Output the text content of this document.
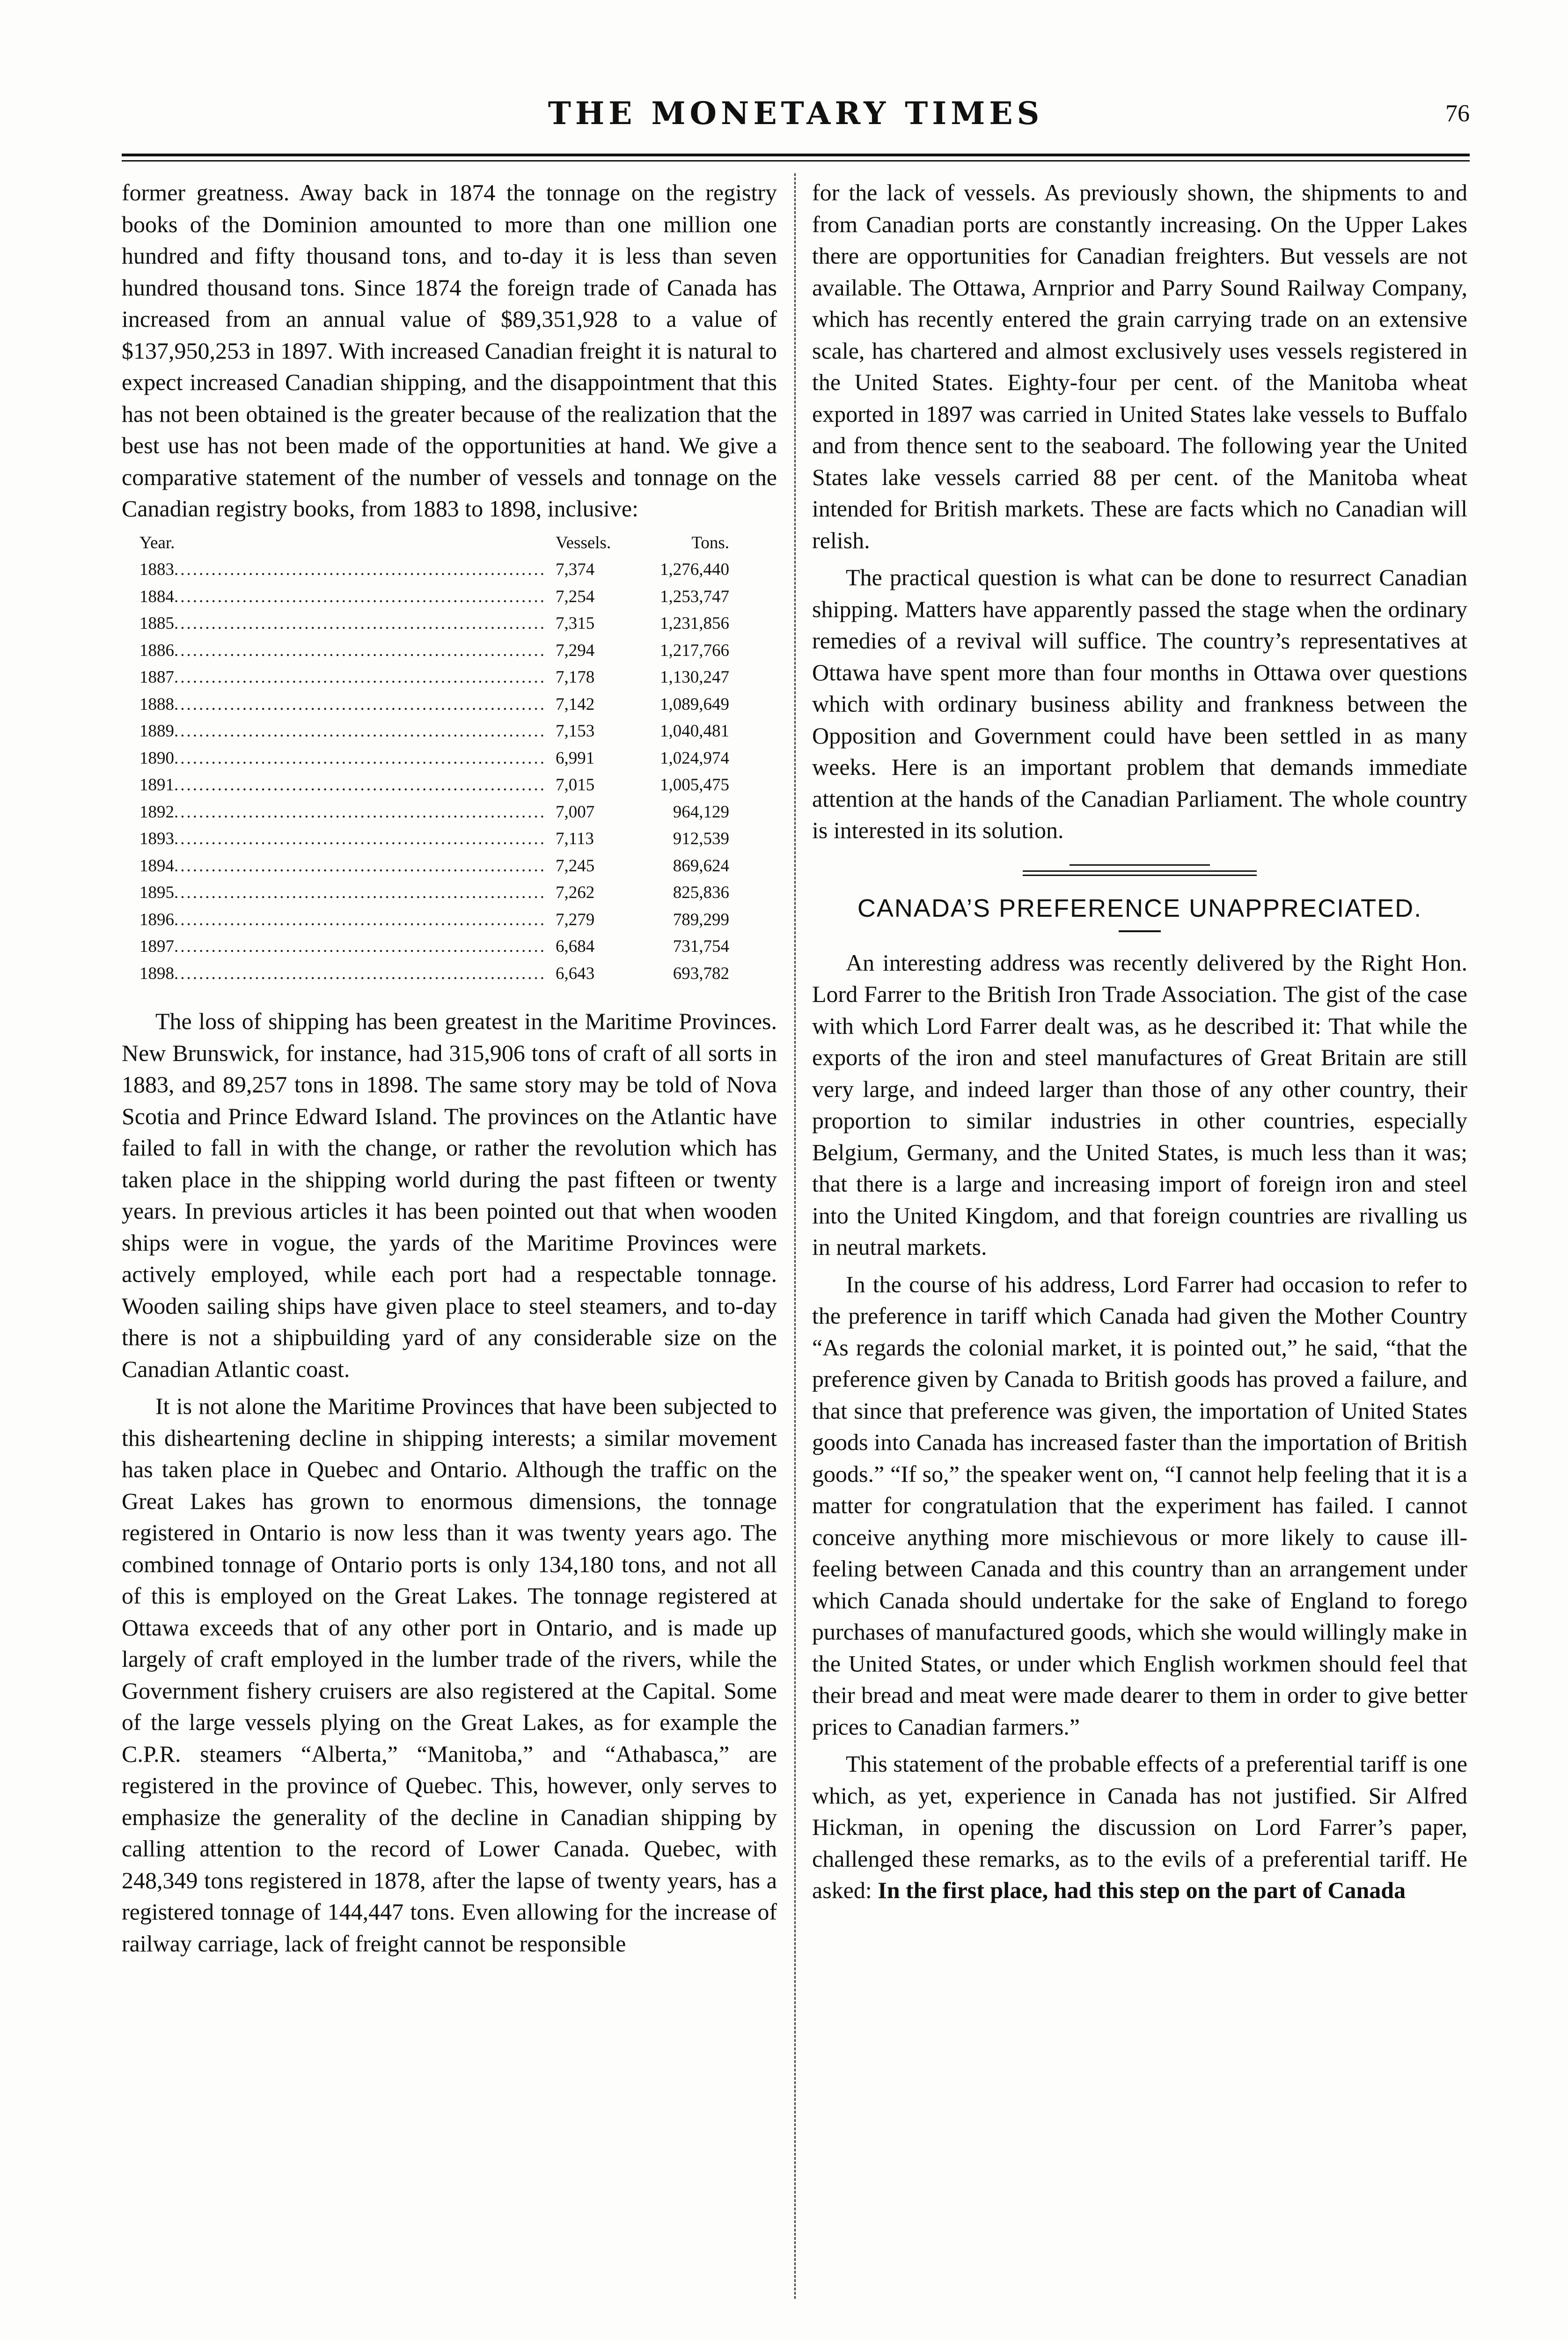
THE MONETARY TIMES	76

former greatness. Away back in 1874 the tonnage on the registry books of the Dominion amounted to more than one million one hundred and fifty thousand tons, and to-day it is less than seven hundred thousand tons. Since 1874 the foreign trade of Canada has increased from an annual value of $89,351,928 to a value of $137,950,253 in 1897. With increased Canadian freight it is natural to expect increased Canadian shipping, and the disappointment that this has not been obtained is the greater because of the realization that the best use has not been made of the opportunities at hand. We give a comparative statement of the number of vessels and tonnage on the Canadian registry books, from 1883 to 1898, inclusive:

Year.	Vessels.	Tons.
1883............................................................	7,374	1,276,440
1884............................................................	7,254	1,253,747
1885............................................................	7,315	1,231,856
1886............................................................	7,294	1,217,766
1887............................................................	7,178	1,130,247
1888............................................................	7,142	1,089,649
1889............................................................	7,153	1,040,481
1890............................................................	6,991	1,024,974
1891............................................................	7,015	1,005,475
1892............................................................	7,007	964,129
1893............................................................	7,113	912,539
1894............................................................	7,245	869,624
1895............................................................	7,262	825,836
1896............................................................	7,279	789,299
1897............................................................	6,684	731,754
1898............................................................	6,643	693,782

The loss of shipping has been greatest in the Maritime Provinces. New Brunswick, for instance, had 315,906 tons of craft of all sorts in 1883, and 89,257 tons in 1898. The same story may be told of Nova Scotia and Prince Edward Island. The provinces on the Atlantic have failed to fall in with the change, or rather the revolution which has taken place in the shipping world during the past fifteen or twenty years. In previous articles it has been pointed out that when wooden ships were in vogue, the yards of the Maritime Provinces were actively employed, while each port had a respectable tonnage. Wooden sailing ships have given place to steel steamers, and to-day there is not a shipbuilding yard of any considerable size on the Canadian Atlantic coast.

It is not alone the Maritime Provinces that have been subjected to this disheartening decline in shipping interests; a similar movement has taken place in Quebec and Ontario. Although the traffic on the Great Lakes has grown to enormous dimensions, the tonnage registered in Ontario is now less than it was twenty years ago. The combined tonnage of Ontario ports is only 134,180 tons, and not all of this is employed on the Great Lakes. The tonnage registered at Ottawa exceeds that of any other port in Ontario, and is made up largely of craft employed in the lumber trade of the rivers, while the Government fishery cruisers are also registered at the Capital. Some of the large vessels plying on the Great Lakes, as for example the C.P.R. steamers “Alberta,” “Manitoba,” and “Athabasca,” are registered in the province of Quebec. This, however, only serves to emphasize the generality of the decline in Canadian shipping by calling attention to the record of Lower Canada. Quebec, with 248,349 tons registered in 1878, after the lapse of twenty years, has a registered tonnage of 144,447 tons. Even allowing for the increase of railway carriage, lack of freight cannot be responsible

for the lack of vessels. As previously shown, the shipments to and from Canadian ports are constantly increasing. On the Upper Lakes there are opportunities for Canadian freighters. But vessels are not available. The Ottawa, Arnprior and Parry Sound Railway Company, which has recently entered the grain carrying trade on an extensive scale, has chartered and almost exclusively uses vessels registered in the United States. Eighty-four per cent. of the Manitoba wheat exported in 1897 was carried in United States lake vessels to Buffalo and from thence sent to the seaboard. The following year the United States lake vessels carried 88 per cent. of the Manitoba wheat intended for British markets. These are facts which no Canadian will relish.

The practical question is what can be done to resurrect Canadian shipping. Matters have apparently passed the stage when the ordinary remedies of a revival will suffice. The country’s representatives at Ottawa have spent more than four months in Ottawa over questions which with ordinary business ability and frankness between the Opposition and Government could have been settled in as many weeks. Here is an important problem that demands immediate attention at the hands of the Canadian Parliament. The whole country is interested in its solution.

CANADA’S PREFERENCE UNAPPRECIATED.

An interesting address was recently delivered by the Right Hon. Lord Farrer to the British Iron Trade Association. The gist of the case with which Lord Farrer dealt was, as he described it: That while the exports of the iron and steel manufactures of Great Britain are still very large, and indeed larger than those of any other country, their proportion to similar industries in other countries, especially Belgium, Germany, and the United States, is much less than it was; that there is a large and increasing import of foreign iron and steel into the United Kingdom, and that foreign countries are rivalling us in neutral markets.

In the course of his address, Lord Farrer had occasion to refer to the preference in tariff which Canada had given the Mother Country “As regards the colonial market, it is pointed out,” he said, “that the preference given by Canada to British goods has proved a failure, and that since that preference was given, the importation of United States goods into Canada has increased faster than the importation of British goods.” “If so,” the speaker went on, “I cannot help feeling that it is a matter for congratulation that the experiment has failed. I cannot conceive anything more mischievous or more likely to cause ill-feeling between Canada and this country than an arrangement under which Canada should undertake for the sake of England to forego purchases of manufactured goods, which she would willingly make in the United States, or under which English workmen should feel that their bread and meat were made dearer to them in order to give better prices to Canadian farmers.”

This statement of the probable effects of a preferential tariff is one which, as yet, experience in Canada has not justified. Sir Alfred Hickman, in opening the discussion on Lord Farrer’s paper, challenged these remarks, as to the evils of a preferential tariff. He asked: In the first place, had this step on the part of Canada
